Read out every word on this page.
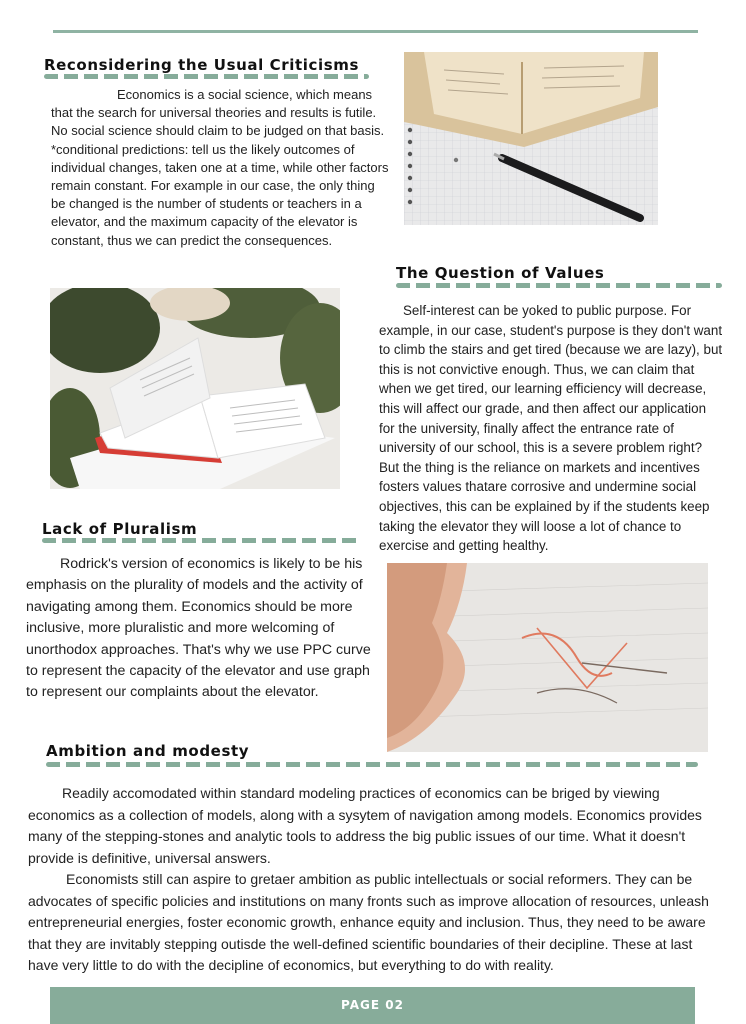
Reconsidering the Usual Criticisms

Economics is a social science, which means that the search for universal theories and results is futile. No social science should claim to be judged on that basis. *conditional predictions: tell us the likely outcomes of individual changes, taken one at a time, while other factors remain constant. For example in our case, the only thing be changed is the number of students or teachers in a elevator, and the maximum capacity of the elevator is constant, thus we can predict the consequences.

The Question of Values

Self-interest can be yoked to public purpose. For example, in our case, student's purpose is they don't want to climb the stairs and get tired (because we are lazy), but this is not convictive enough. Thus, we can claim that when we get tired, our learning efficiency will decrease, this will affect our grade, and then affect our application for the university, finally affect the entrance rate of university of our school, this is a severe problem right? But the thing is the reliance on markets and incentives fosters values thatare corrosive and undermine social objectives, this can be explained by if the students keep taking the elevator they will loose a lot of chance to exercise and getting healthy.

Lack of Pluralism

Rodrick's version of economics is likely to be his emphasis on the plurality of models and the activity of navigating among them. Economics should be more inclusive, more pluralistic and more welcoming of unorthodox approaches. That's why we use PPC curve to represent the capacity of the elevator and use graph to represent our complaints about the elevator.

Ambition and modesty

Readily accomodated within standard modeling practices of economics can be briged by viewing economics as a collection of models, along with a sysytem of navigation among models. Economics provides many of the stepping-stones and analytic tools to address the big public issues of our time. What it doesn't provide is definitive, universal answers.

Economists still can aspire to gretaer ambition as public intellectuals or social reformers. They can be advocates of specific policies and institutions on many fronts such as improve allocation of resources, unleash entrepreneurial energies, foster economic growth, enhance equity and inclusion. Thus, they need to be aware that they are invitably stepping outisde the well-defined scientific boundaries of their decipline. These at last have very little to do with the decipline of economics, but everything to do with reality.

PAGE 02
